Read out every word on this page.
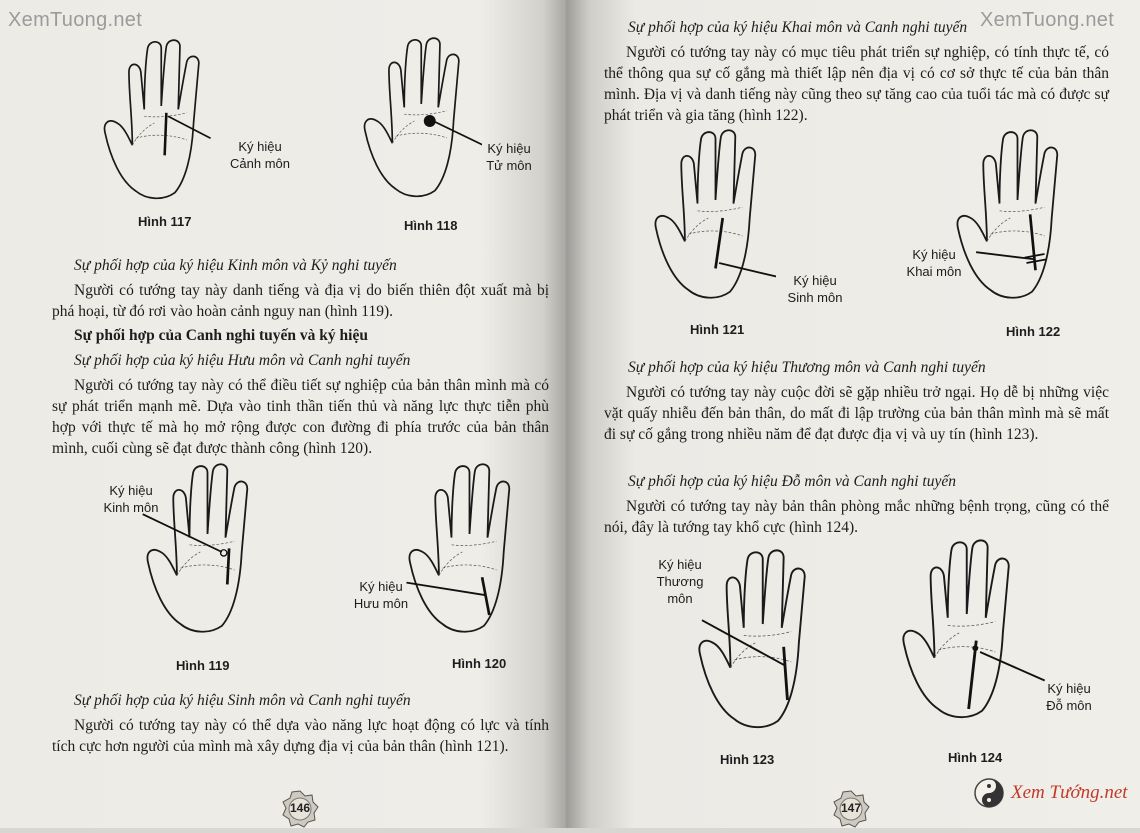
XemTuong.net
Ký hiệu
Cảnh môn
Hình 117
Ký hiệu
Tử môn
Hình 118
Sự phối hợp của ký hiệu Kinh môn và Kỷ nghi tuyến
Người có tướng tay này danh tiếng và địa vị do biến thiên đột xuất mà bị phá hoại, từ đó rơi vào hoàn cảnh nguy nan (hình 119).
Sự phối hợp của Canh nghi tuyến và ký hiệu
Sự phối hợp của ký hiệu Hưu môn và Canh nghi tuyến
Người có tướng tay này có thể điều tiết sự nghiệp của bản thân mình mà có sự phát triển mạnh mẽ. Dựa vào tinh thần tiến thủ và năng lực thực tiễn phù hợp với thực tế mà họ mở rộng được con đường đi phía trước của bản thân mình, cuối cùng sẽ đạt được thành công (hình 120).
Ký hiệu
Kinh môn
Hình 119
Ký hiệu
Hưu môn
Hình 120
Sự phối hợp của ký hiệu Sinh môn và Canh nghi tuyến
Người có tướng tay này có thể dựa vào năng lực hoạt động có lực và tính tích cực hơn người của mình mà xây dựng địa vị của bản thân (hình 121).
146
XemTuong.net
Sự phối hợp của ký hiệu Khai môn và Canh nghi tuyến
Người có tướng tay này có mục tiêu phát triển sự nghiệp, có tính thực tế, có thể thông qua sự cố gắng mà thiết lập nên địa vị có cơ sở thực tế của bản thân mình. Địa vị và danh tiếng này cũng theo sự tăng cao của tuổi tác mà có được sự phát triển và gia tăng (hình 122).
Ký hiệu
Sinh môn
Hình 121
Ký hiệu
Khai môn
Hình 122
Sự phối hợp của ký hiệu Thương môn và Canh nghi tuyến
Người có tướng tay này cuộc đời sẽ gặp nhiều trở ngại. Họ dễ bị những việc vặt quấy nhiễu đến bản thân, do mất đi lập trường của bản thân mình mà sẽ mất đi sự cố gắng trong nhiều năm để đạt được địa vị và uy tín (hình 123).
Sự phối hợp của ký hiệu Đỗ môn và Canh nghi tuyến
Người có tướng tay này bản thân phòng mắc những bệnh trọng, cũng có thể nói, đây là tướng tay khổ cực (hình 124).
Ký hiệu
Thương
môn
Hình 123
Ký hiệu
Đỗ môn
Hình 124
147
Xem Tướng.net
